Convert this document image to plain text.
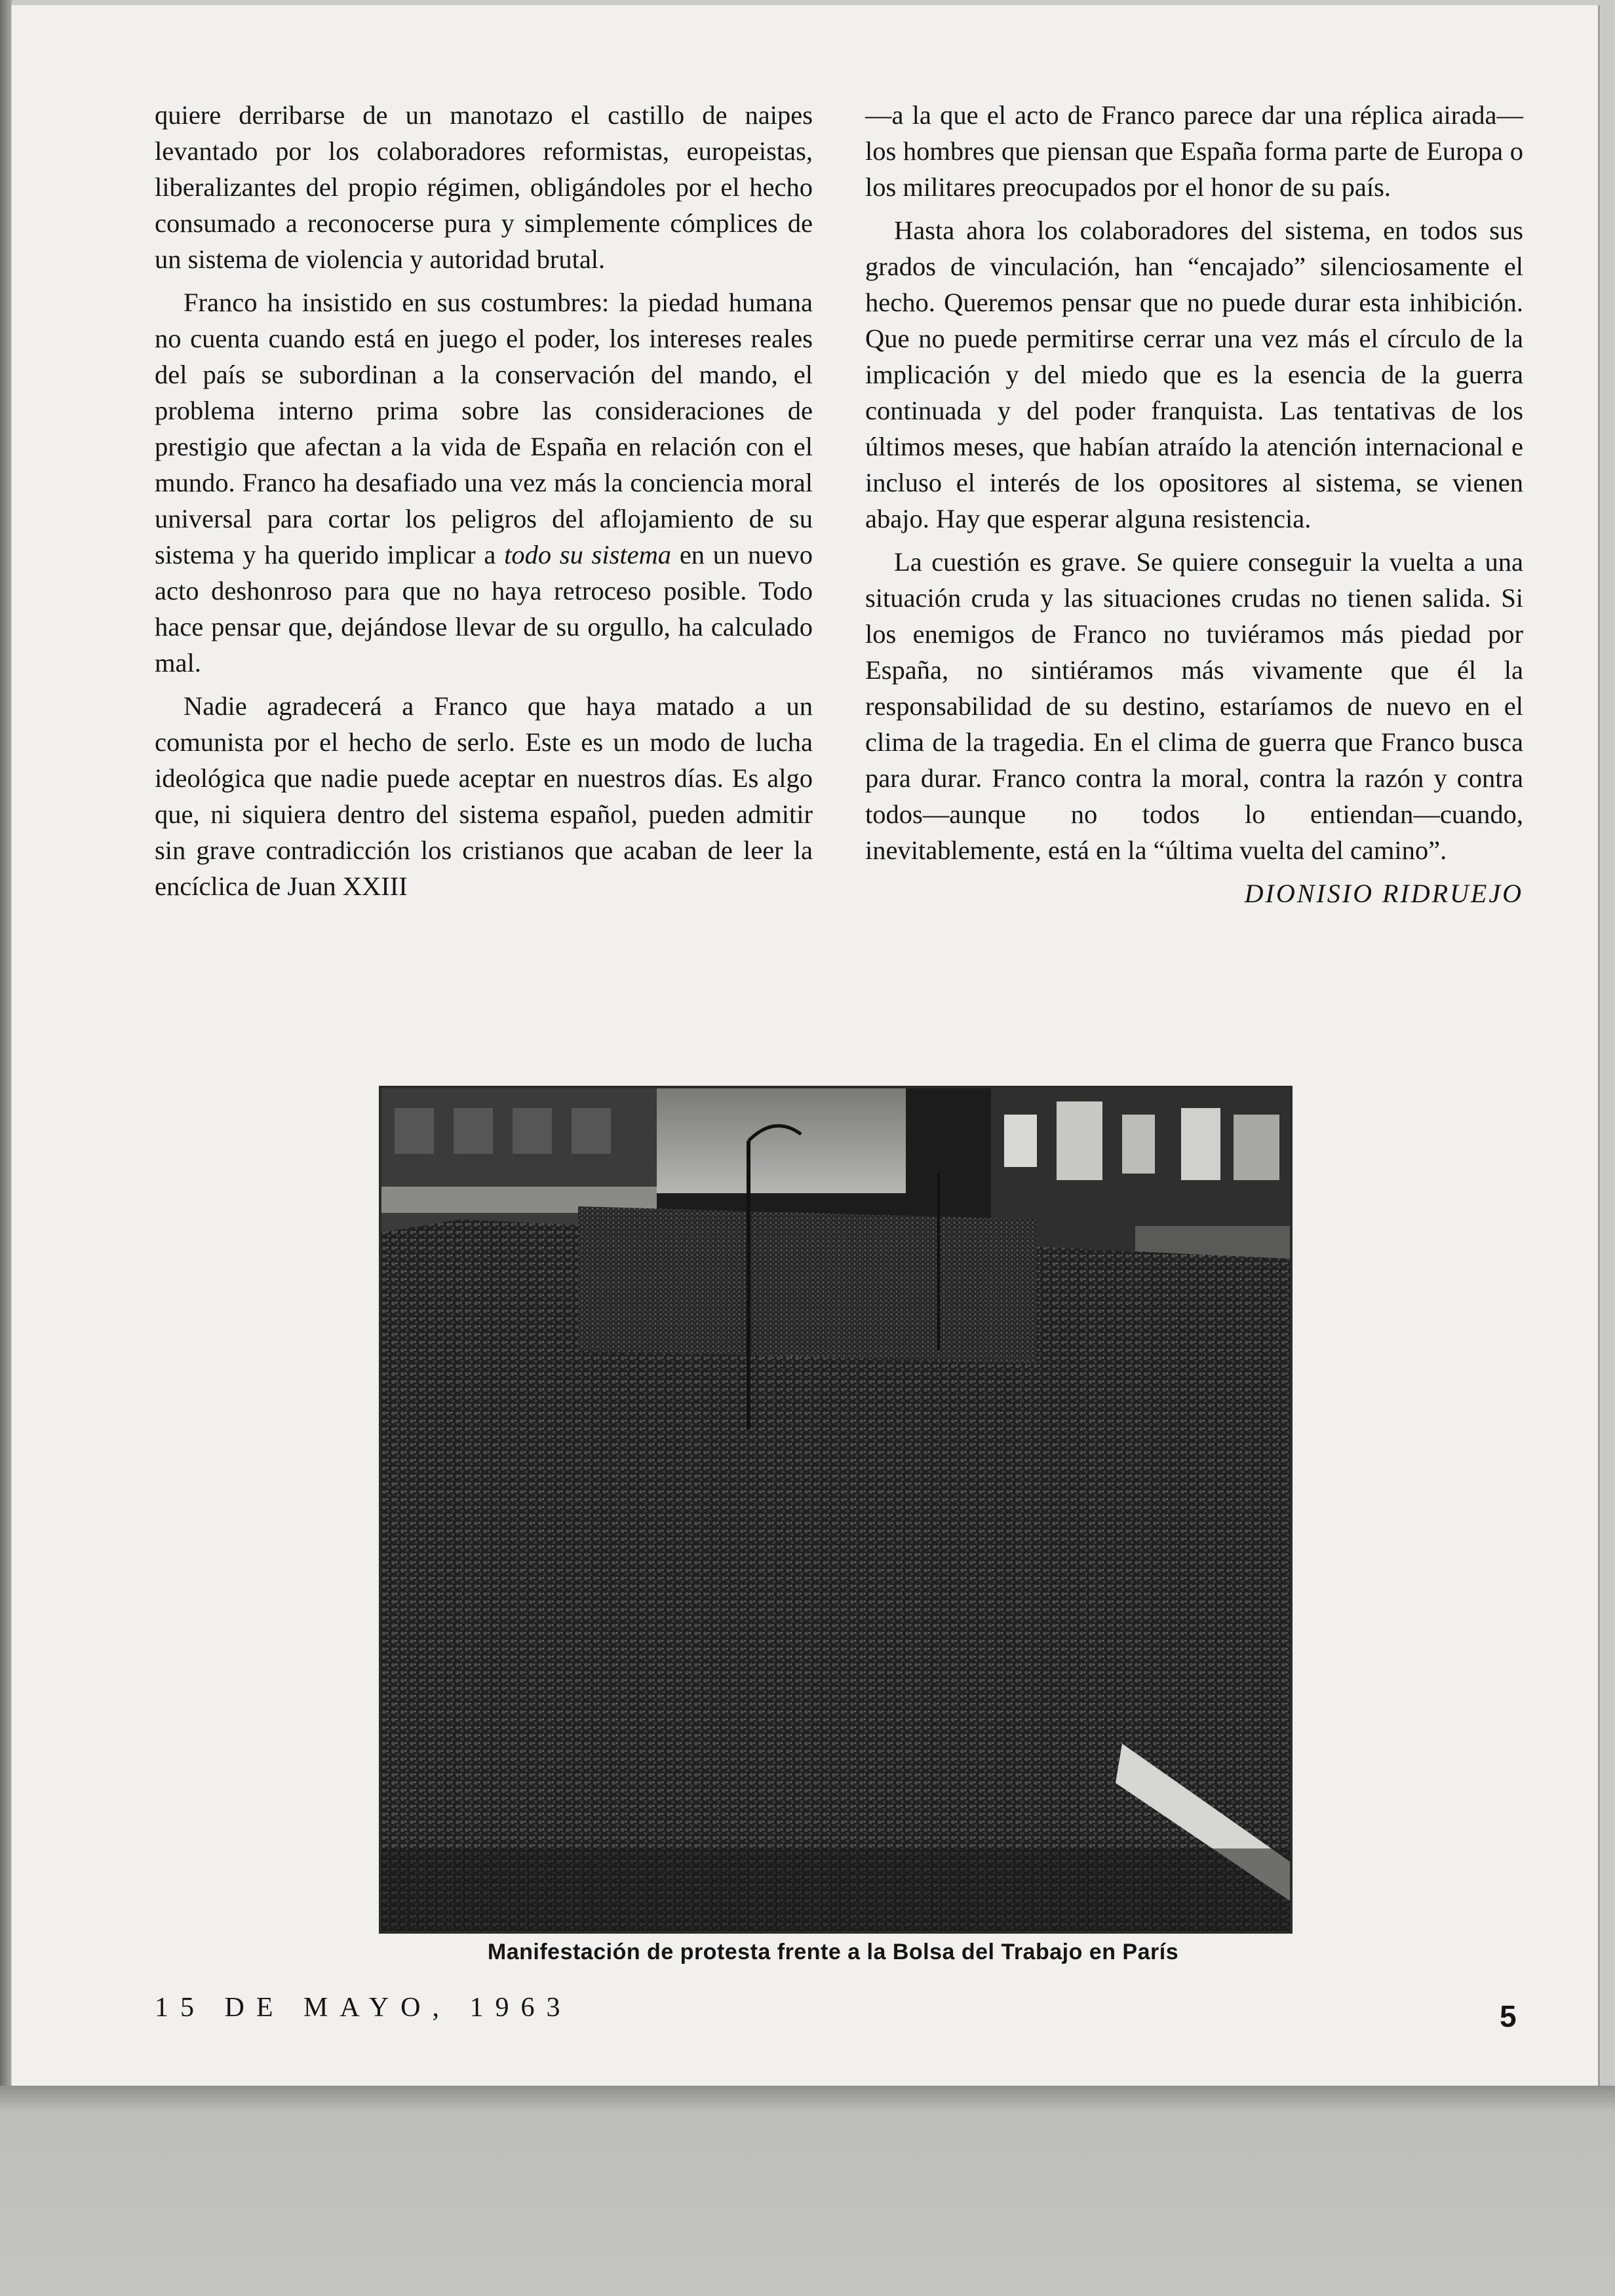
quiere derribarse de un manotazo el castillo de naipes levantado por los colaboradores reformistas, europeistas, liberalizantes del propio régimen, obligándoles por el hecho consumado a reconocerse pura y simplemente cómplices de un sistema de violencia y autoridad brutal.

Franco ha insistido en sus costumbres: la piedad humana no cuenta cuando está en juego el poder, los intereses reales del país se subordinan a la conservación del mando, el problema interno prima sobre las consideraciones de prestigio que afectan a la vida de España en relación con el mundo. Franco ha desafiado una vez más la conciencia moral universal para cortar los peligros del aflojamiento de su sistema y ha querido implicar a todo su sistema en un nuevo acto deshonroso para que no haya retroceso posible. Todo hace pensar que, dejándose llevar de su orgullo, ha calculado mal.

Nadie agradecerá a Franco que haya matado a un comunista por el hecho de serlo. Este es un modo de lucha ideológica que nadie puede aceptar en nuestros días. Es algo que, ni siquiera dentro del sistema español, pueden admitir sin grave contradicción los cristianos que acaban de leer la encíclica de Juan XXIII

—a la que el acto de Franco parece dar una réplica airada—los hombres que piensan que España forma parte de Europa o los militares preocupados por el honor de su país.

Hasta ahora los colaboradores del sistema, en todos sus grados de vinculación, han “encajado” silenciosamente el hecho. Queremos pensar que no puede durar esta inhibición. Que no puede permitirse cerrar una vez más el círculo de la implicación y del miedo que es la esencia de la guerra continuada y del poder franquista. Las tentativas de los últimos meses, que habían atraído la atención internacional e incluso el interés de los opositores al sistema, se vienen abajo. Hay que esperar alguna resistencia.

La cuestión es grave. Se quiere conseguir la vuelta a una situación cruda y las situaciones crudas no tienen salida. Si los enemigos de Franco no tuviéramos más piedad por España, no sintiéramos más vivamente que él la responsabilidad de su destino, estaríamos de nuevo en el clima de la tragedia. En el clima de guerra que Franco busca para durar. Franco contra la moral, contra la razón y contra todos—aunque no todos lo entiendan—cuando, inevitablemente, está en la “última vuelta del camino”.

DIONISIO RIDRUEJO
Manifestación de protesta frente a la Bolsa del Trabajo en París
15 DE MAYO, 1963	5
